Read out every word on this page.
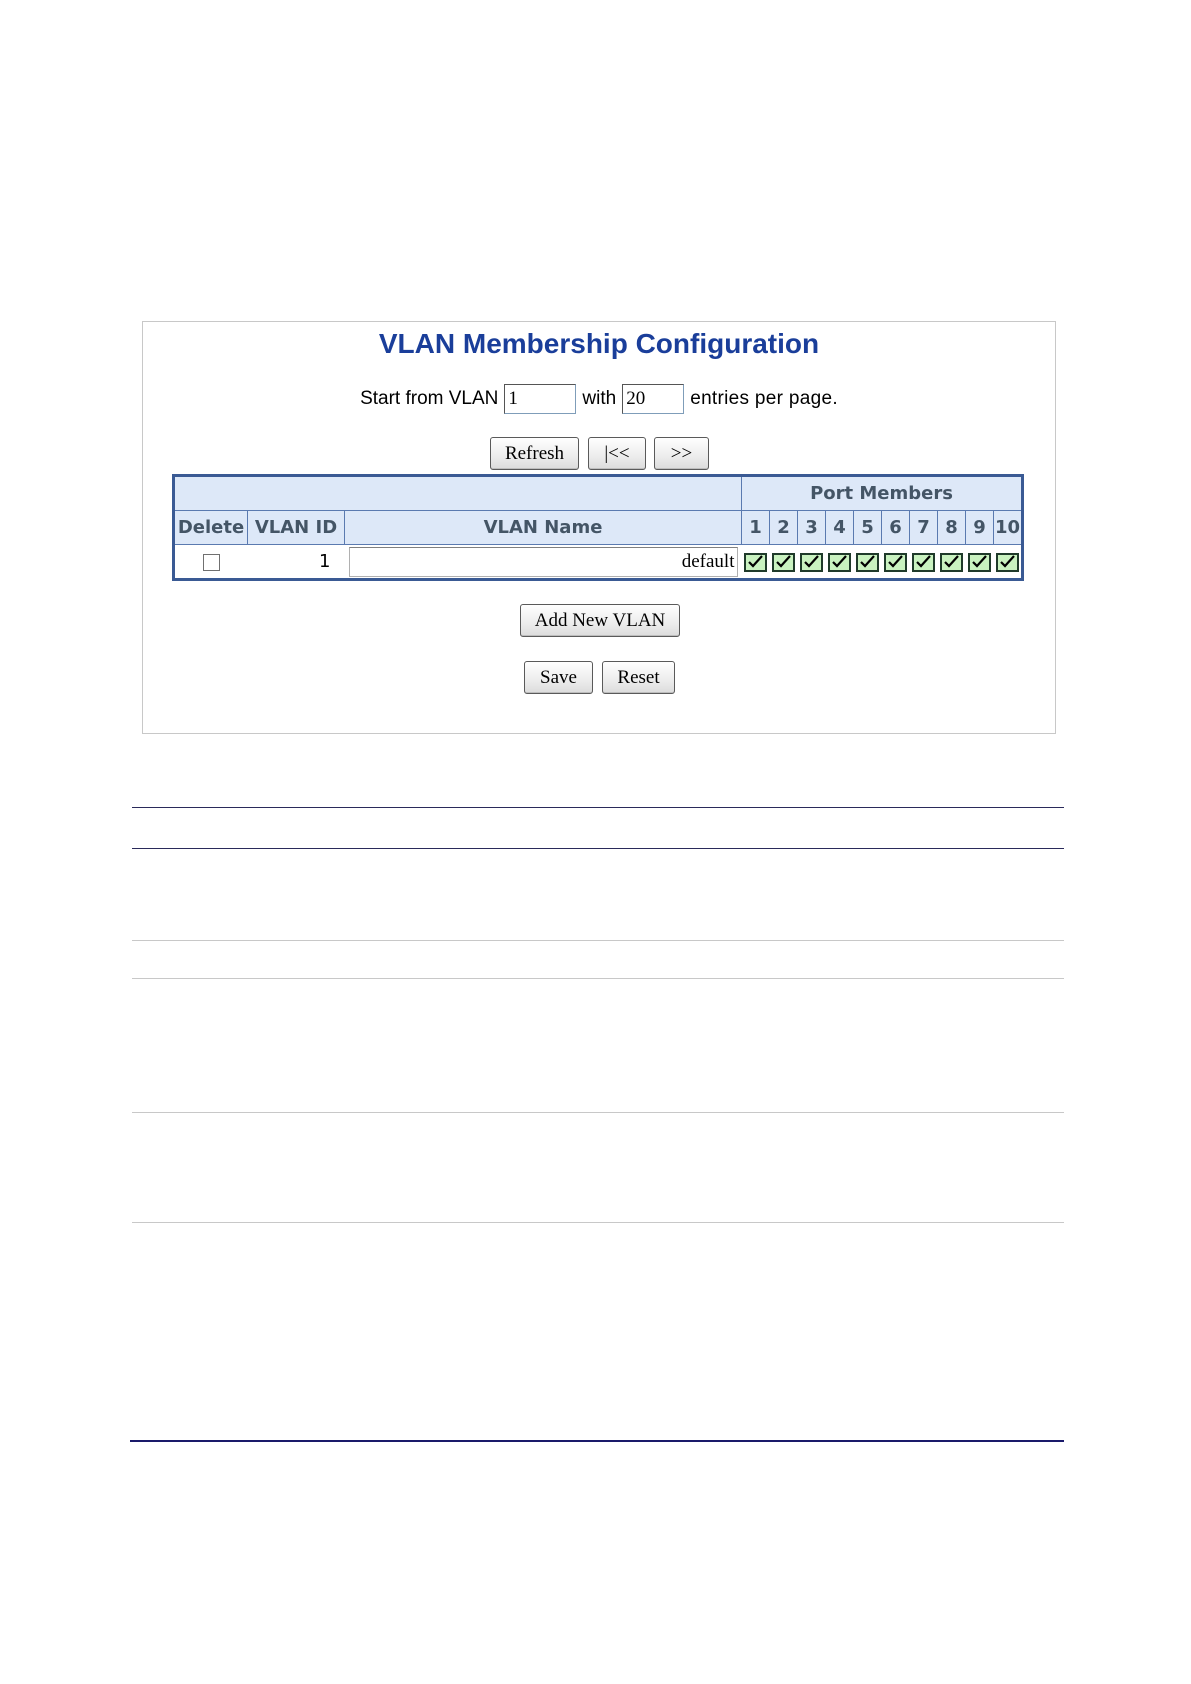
VLAN Membership Configuration
Start from VLAN
1	with
20	entries per page.
Refresh	|<<	>>
			Port Members									
Delete	VLAN ID	VLAN Name	1	2	3	4	5	6	7	8	9	10
	1	default	

Add New VLAN
Save	Reset
